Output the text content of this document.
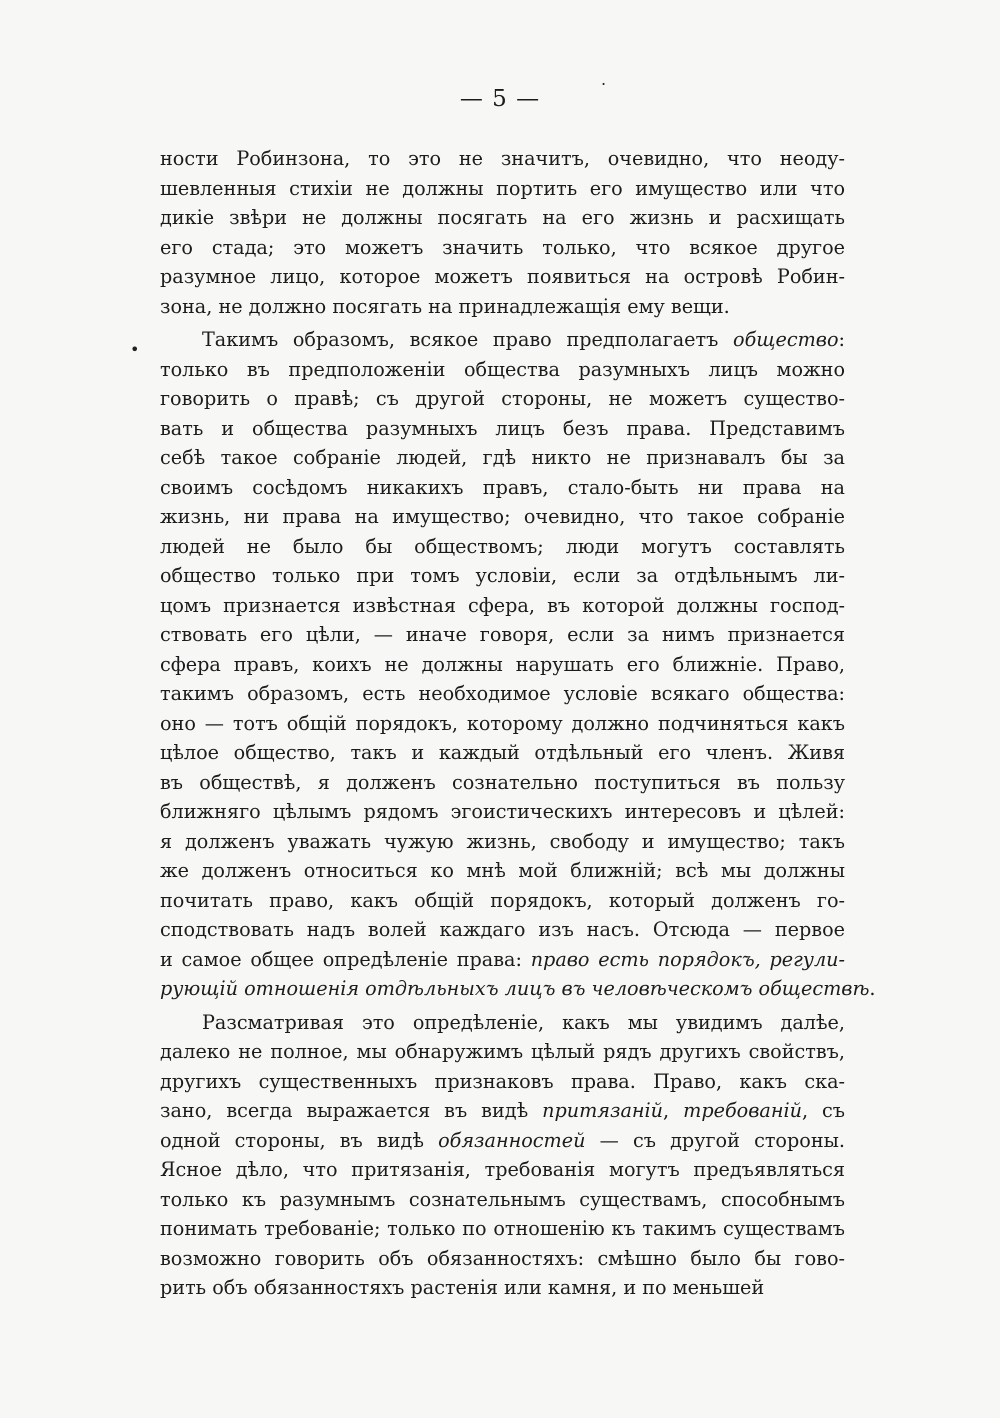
— 5 —
.
•
ности Робинзона, то это не значитъ, очевидно, что неоду-
шевленныя стихіи не должны портить его имущество или что
дикіе звѣри не должны посягать на его жизнь и расхищать
его стада; это можетъ значить только, что всякое другое
разумное лицо, которое можетъ появиться на островѣ Робин-
зона, не должно посягать на принадлежащія ему вещи.
Такимъ образомъ, всякое право предполагаетъ общество:
только въ предположеніи общества разумныхъ лицъ можно
говорить о правѣ; съ другой стороны, не можетъ существо-
вать и общества разумныхъ лицъ безъ права. Представимъ
себѣ такое собраніе людей, гдѣ никто не признавалъ бы за
своимъ сосѣдомъ никакихъ правъ, стало-быть ни права на
жизнь, ни права на имущество; очевидно, что такое собраніе
людей не было бы обществомъ; люди могутъ составлять
общество только при томъ условіи, если за отдѣльнымъ ли-
цомъ признается извѣстная сфера, въ которой должны господ-
ствовать его цѣли, — иначе говоря, если за нимъ признается
сфера правъ, коихъ не должны нарушать его ближніе. Право,
такимъ образомъ, есть необходимое условіе всякаго общества:
оно — тотъ общій порядокъ, которому должно подчиняться какъ
цѣлое общество, такъ и каждый отдѣльный его членъ. Живя
въ обществѣ, я долженъ сознательно поступиться въ пользу
ближняго цѣлымъ рядомъ эгоистическихъ интересовъ и цѣлей:
я долженъ уважать чужую жизнь, свободу и имущество; такъ
же долженъ относиться ко мнѣ мой ближній; всѣ мы должны
почитать право, какъ общій порядокъ, который долженъ го-
сподствовать надъ волей каждаго изъ насъ. Отсюда — первое
и самое общее опредѣленіе права: право есть порядокъ, регули-
рующій отношенія отдѣльныхъ лицъ въ человѣческомъ обществѣ.
Разсматривая это опредѣленіе, какъ мы увидимъ далѣе,
далеко не полное, мы обнаружимъ цѣлый рядъ другихъ свойствъ,
другихъ существенныхъ признаковъ права. Право, какъ ска-
зано, всегда выражается въ видѣ притязаній, требованій, съ
одной стороны, въ видѣ обязанностей — съ другой стороны.
Ясное дѣло, что притязанія, требованія могутъ предъявляться
только къ разумнымъ сознательнымъ существамъ, способнымъ
понимать требованіе; только по отношенію къ такимъ существамъ
возможно говорить объ обязанностяхъ: смѣшно было бы гово-
рить объ обязанностяхъ растенія или камня, и по меньшей
